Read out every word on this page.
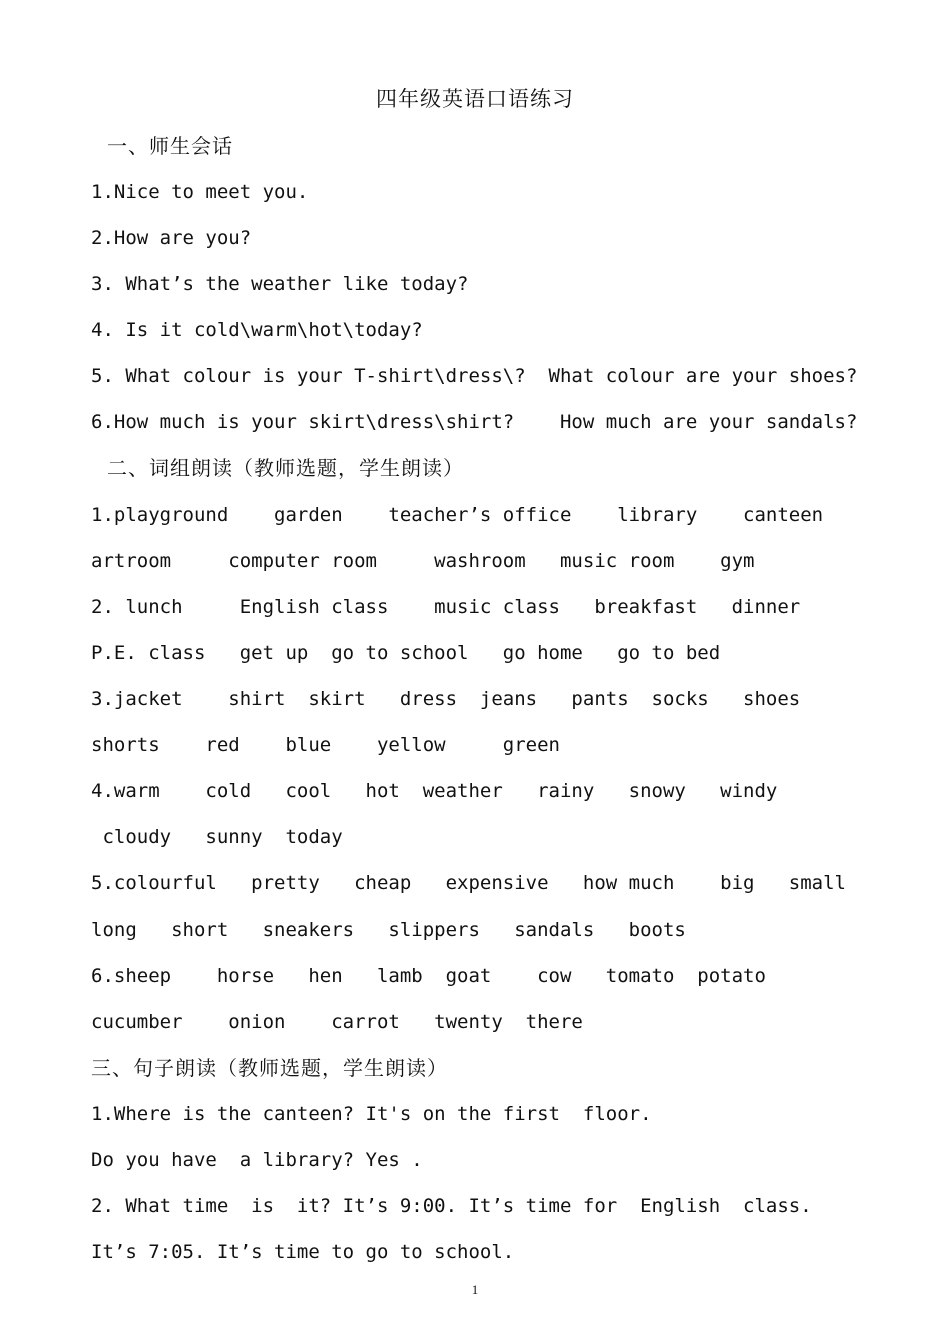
四年级英语口语练习
一、师生会话
1.Nice to meet you.
2.How are you?
3. What’s the weather like today?
4. Is it cold\warm\hot\today?
5. What colour is your T-shirt\dress\?  What colour are your shoes?
6.How much is your skirt\dress\shirt?    How much are your sandals?
二、词组朗读（教师选题，学生朗读）
1.playground    garden    teacher’s office    library    canteen
artroom     computer room     washroom   music room    gym
2. lunch     English class    music class   breakfast   dinner
P.E. class   get up  go to school   go home   go to bed
3.jacket    shirt  skirt   dress  jeans   pants  socks   shoes
shorts    red    blue    yellow     green
4.warm    cold   cool   hot  weather   rainy   snowy   windy
cloudy   sunny  today
5.colourful   pretty   cheap   expensive   how much    big   small
long   short   sneakers   slippers   sandals   boots
6.sheep    horse   hen   lamb  goat    cow   tomato  potato
cucumber    onion    carrot   twenty  there
三、句子朗读（教师选题，学生朗读）
1.Where is the canteen? It's on the first  floor.
Do you have  a library? Yes .
2. What time  is  it? It’s 9:00. It’s time for  English  class.
It’s 7:05. It’s time to go to school.
1
